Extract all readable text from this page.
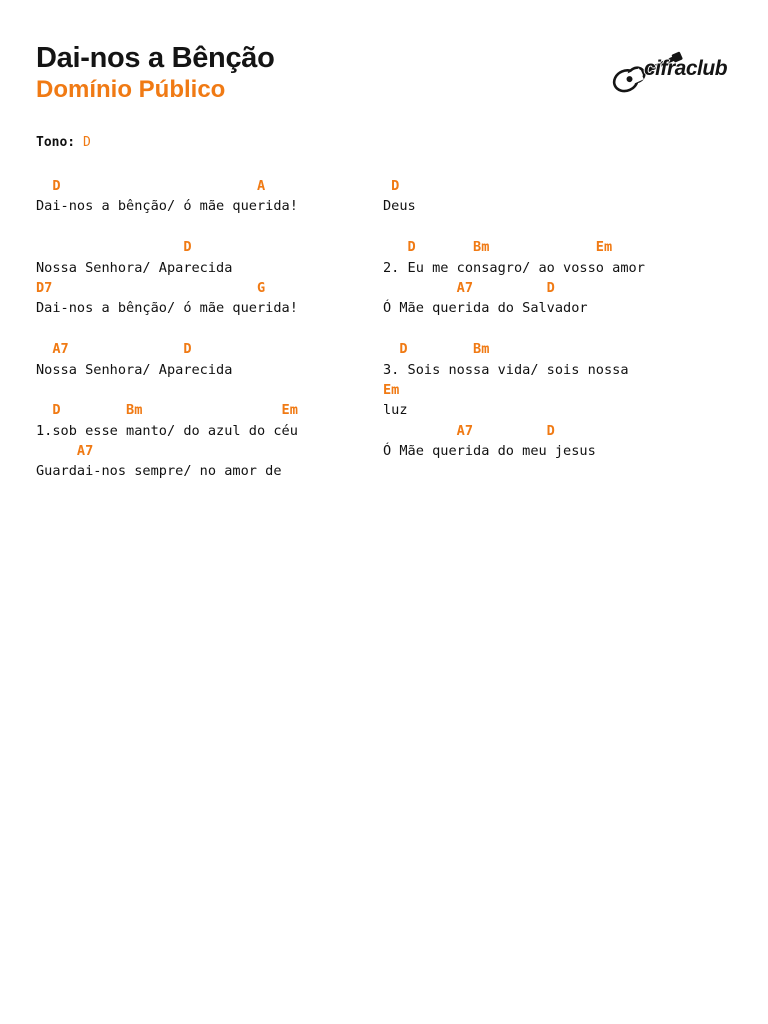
Dai-nos a Bênção
Domínio Público
cifraclub
Tono: D
D                        A
Dai-nos a bênção/ ó mãe querida!
D
Nossa Senhora/ Aparecida
D7                         G
Dai-nos a bênção/ ó mãe querida!
A7              D
Nossa Senhora/ Aparecida
D        Bm                 Em
1.sob esse manto/ do azul do céu
A7
Guardai-nos sempre/ no amor de
D
Deus
D       Bm             Em
2. Eu me consagro/ ao vosso amor
A7         D
Ó Mãe querida do Salvador
D        Bm
3. Sois nossa vida/ sois nossa
Em
luz
A7         D
Ó Mãe querida do meu jesus
